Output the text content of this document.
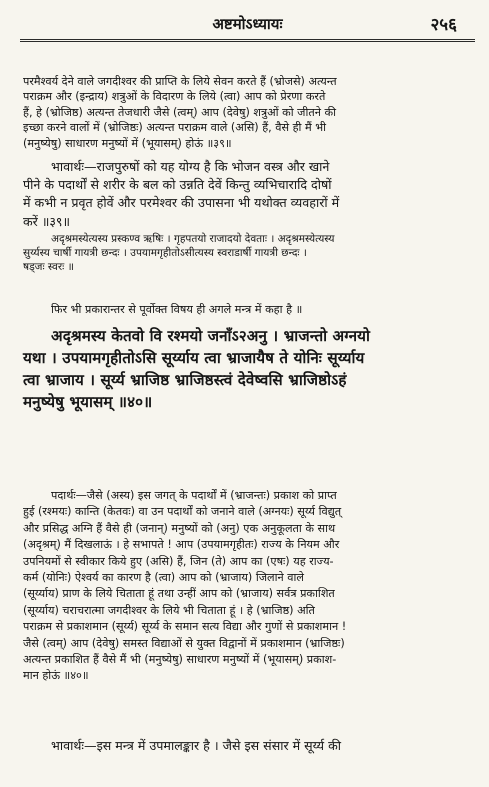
अष्टमोऽध्यायः	२५६

परमैश्वर्य देने वाले जगदीश्वर की प्राप्ति के लिये सेवन करते हैं (भ्रोजसे) अत्यन्त

पराक्रम और (इन्द्राय) शत्रुओं के विदारण के लिये (त्वा) आप को प्रेरणा करते

हैं, हे (भ्रोजिष्ठ) अत्यन्त तेजधारी जैसे (त्वम्) आप (देवेषु) शत्रुओं को जीतने की

इच्छा करने वालों में (भ्रोजिष्ठः) अत्यन्त पराक्रम वाले (असि) हैं, वैसे ही मैं भी

(मनुष्येषु) साधारण मनुष्यों में (भूयासम्) होऊं ॥३९॥

भावार्थः—राजपुरुषों को यह योग्य है कि भोजन वस्त्र और खाने

पीने के पदार्थों से शरीर के बल को उन्नति देवें किन्तु व्यभिचारादि दोषों

में कभी न प्रवृत होवें और परमेश्वर की उपासना भी यथोक्त व्यवहारों में

करें ॥३९॥

अदृश्रमस्येत्यस्य प्रस्कण्व ऋषिः । गृहपतयो राजादयो देवताः । अदृश्रमस्येत्यस्य

सुर्य्यस्य चार्षी गायत्री छन्दः । उपयामगृहीतोऽसीत्यस्य स्वराडार्षी गायत्री छन्दः ।

षड्जः स्वरः ॥

फिर भी प्रकारान्तर से पूर्वोक्त विषय ही अगले मन्त्र में कहा है ॥

अदृश्रमस्य केतवो वि रश्मयो जनाँऽ२अनु । भ्राजन्तो अग्नयो

यथा । उपयामगृहीतोऽसि सूर्य्याय त्वा भ्राजायैष ते योनिः सूर्य्याय

त्वा भ्राजाय । सूर्य्य भ्राजिष्ठ भ्राजिष्ठस्त्वं देवेष्वसि भ्राजिष्ठोऽहं

मनुष्येषु भूयासम् ॥४०॥

पदार्थः—जैसे (अस्य) इस जगत् के पदार्थों में (भ्राजन्तः) प्रकाश को प्राप्त

हुई (रश्मयः) कान्ति (केतवः) वा उन पदार्थों को जनाने वाले (अग्नयः) सूर्य्य विद्युत्

और प्रसिद्ध अग्नि हैं वैसे ही (जनान्) मनुष्यों को (अनु) एक अनुकूलता के साथ

(अदृश्रम्) मैं दिखलाऊं । हे सभापते ! आप (उपयामगृहीतः) राज्य के नियम और

उपनियमों से स्वीकार किये हुए (असि) हैं, जिन (ते) आप का (एषः) यह राज्य-

कर्म (योनिः) ऐश्वर्य का कारण है (त्वा) आप को (भ्राजाय) जिलाने वाले

(सूर्य्याय) प्राण के लिये चिताता हूं तथा उन्हीं आप को (भ्राजाय) सर्वत्र प्रकाशित

(सूर्य्याय) चराचरात्मा जगदीश्वर के लिये भी चिताता हूं । हे (भ्राजिष्ठ) अति

पराक्रम से प्रकाशमान (सूर्य्य) सूर्य्य के समान सत्य विद्या और गुणों से प्रकाशमान !

जैसे (त्वम्) आप (देवेषु) समस्त विद्याओं से युक्त विद्वानों में प्रकाशमान (भ्राजिष्ठः)

अत्यन्त प्रकाशित हैं वैसे मैं भी (मनुष्येषु) साधारण मनुष्यों में (भूयासम्) प्रकाश-

मान होऊं ॥४०॥

भावार्थः—इस मन्त्र में उपमालङ्कार है । जैसे इस संसार में सूर्य्य की
